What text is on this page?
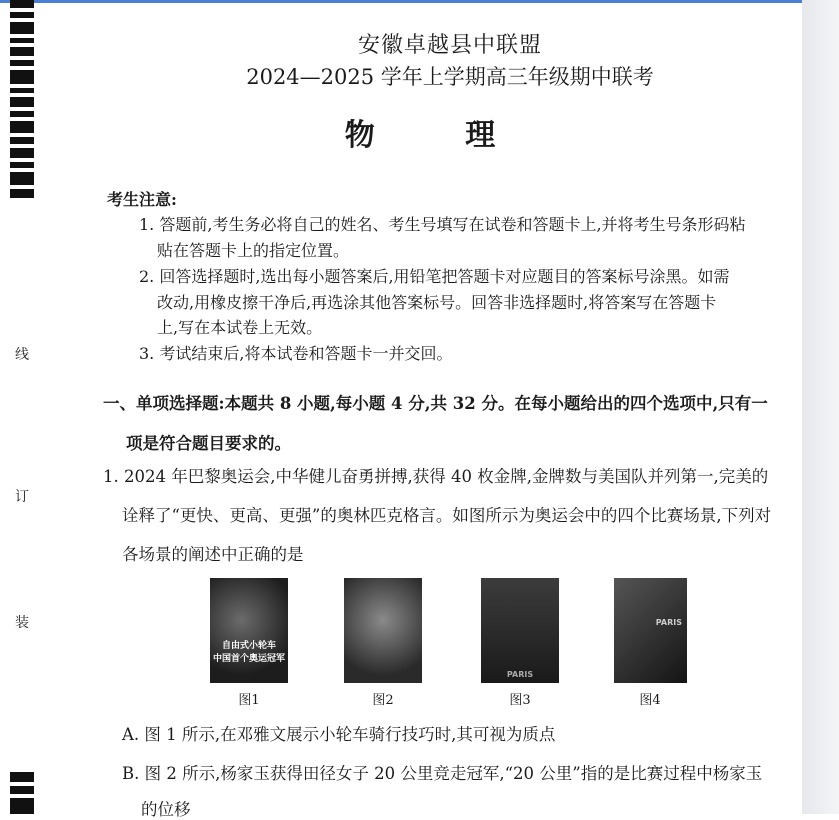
线
订
装
安徽卓越县中联盟
2024—2025 学年上学期高三年级期中联考
物 理
考生注意:
1. 答题前,考生务必将自己的姓名、考生号填写在试卷和答题卡上,并将考生号条形码粘
贴在答题卡上的指定位置。
2. 回答选择题时,选出每小题答案后,用铅笔把答题卡对应题目的答案标号涂黑。如需
改动,用橡皮擦干净后,再选涂其他答案标号。回答非选择题时,将答案写在答题卡
上,写在本试卷上无效。
3. 考试结束后,将本试卷和答题卡一并交回。
一、单项选择题:本题共 8 小题,每小题 4 分,共 32 分。在每小题给出的四个选项中,只有一
项是符合题目要求的。
1. 2024 年巴黎奥运会,中华健儿奋勇拼搏,获得 40 枚金牌,金牌数与美国队并列第一,完美的
诠释了“更快、更高、更强”的奥林匹克格言。如图所示为奥运会中的四个比赛场景,下列对
各场景的阐述中正确的是
自由式小轮车
中国首个奥运冠军
PARIS
PARIS
图1	图2	图3	图4
A. 图 1 所示,在邓雅文展示小轮车骑行技巧时,其可视为质点
B. 图 2 所示,杨家玉获得田径女子 20 公里竞走冠军,“20 公里”指的是比赛过程中杨家玉
的位移
